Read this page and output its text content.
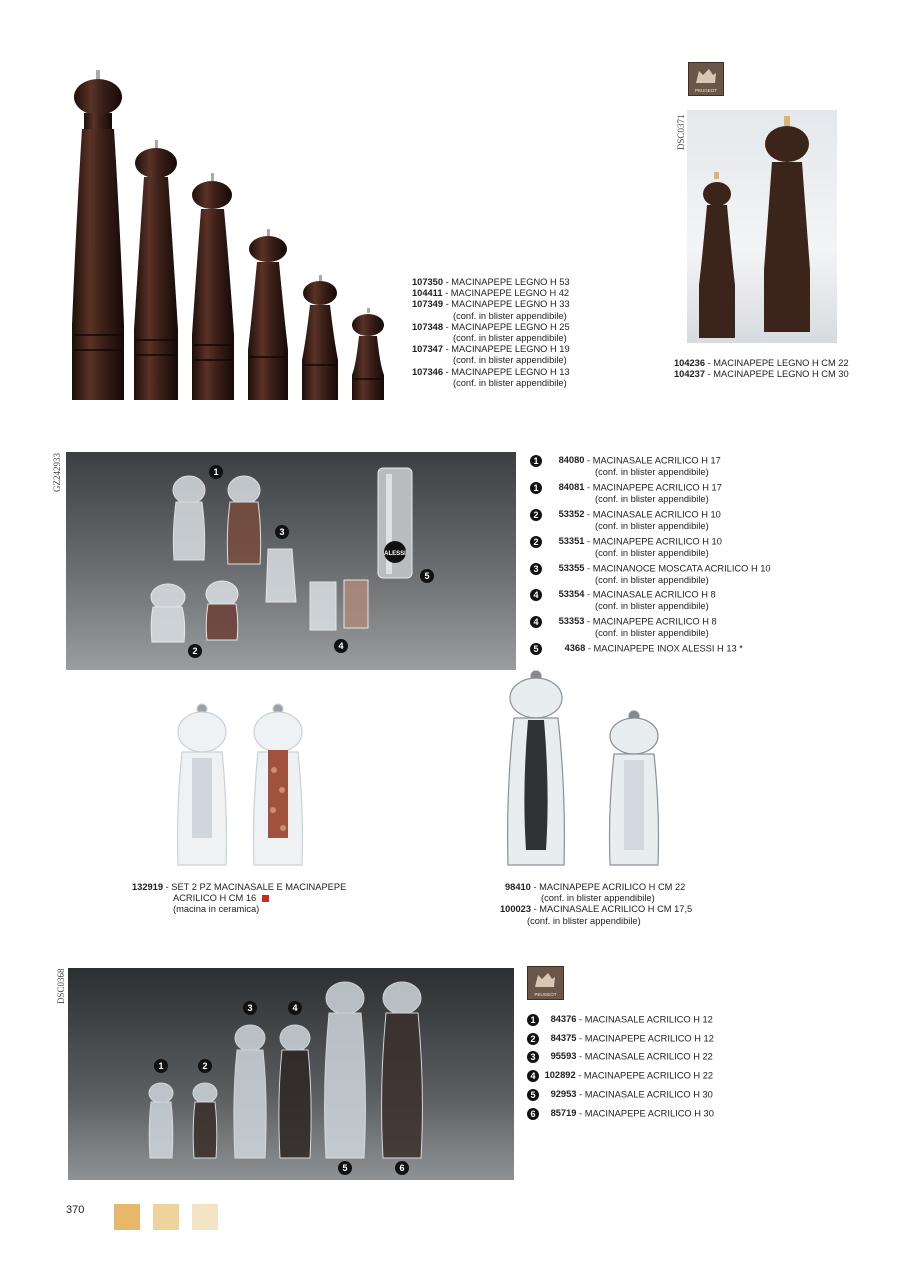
107350 - MACINAPEPE LEGNO H 53
104411 - MACINAPEPE LEGNO H 42
107349 - MACINAPEPE LEGNO H 33
(conf. in blister appendibile)
107348 - MACINAPEPE LEGNO H 25
(conf. in blister appendibile)
107347 - MACINAPEPE LEGNO H 19
(conf. in blister appendibile)
107346 - MACINAPEPE LEGNO H 13
(conf. in blister appendibile)
PEUGEOT
DSC0371
104236 - MACINAPEPE LEGNO H CM 22
104237 - MACINAPEPE LEGNO H CM 30
GZ242933
ALESSI
1
2
3
4
5
1 84080 - MACINASALE ACRILICO H 17
(conf. in blister appendibile)
1 84081 - MACINAPEPE ACRILICO H 17
(conf. in blister appendibile)
2 53352 - MACINASALE ACRILICO H 10
(conf. in blister appendibile)
2 53351 - MACINAPEPE ACRILICO H 10
(conf. in blister appendibile)
3 53355 - MACINANOCE MOSCATA ACRILICO H 10
(conf. in blister appendibile)
4 53354 - MACINASALE ACRILICO H 8
(conf. in blister appendibile)
4 53353 - MACINAPEPE ACRILICO H 8
(conf. in blister appendibile)
5	4368 - MACINAPEPE INOX ALESSI H 13 *
132919 - SET 2 PZ MACINASALE E MACINAPEPE
ACRILICO H CM 16
(macina in ceramica)
98410 - MACINAPEPE ACRILICO H CM 22
(conf. in blister appendibile)
100023 - MACINASALE ACRILICO H CM 17,5
(conf. in blister appendibile)
DSC0368
1	2
3	4
5	6
PEUGEOT
1 84376 - MACINASALE ACRILICO H 12
2 84375 - MACINAPEPE ACRILICO H 12
3 95593 - MACINASALE ACRILICO H 22
4 102892 - MACINAPEPE ACRILICO H 22
5 92953 - MACINASALE ACRILICO H 30
6 85719 - MACINAPEPE ACRILICO H 30
370
